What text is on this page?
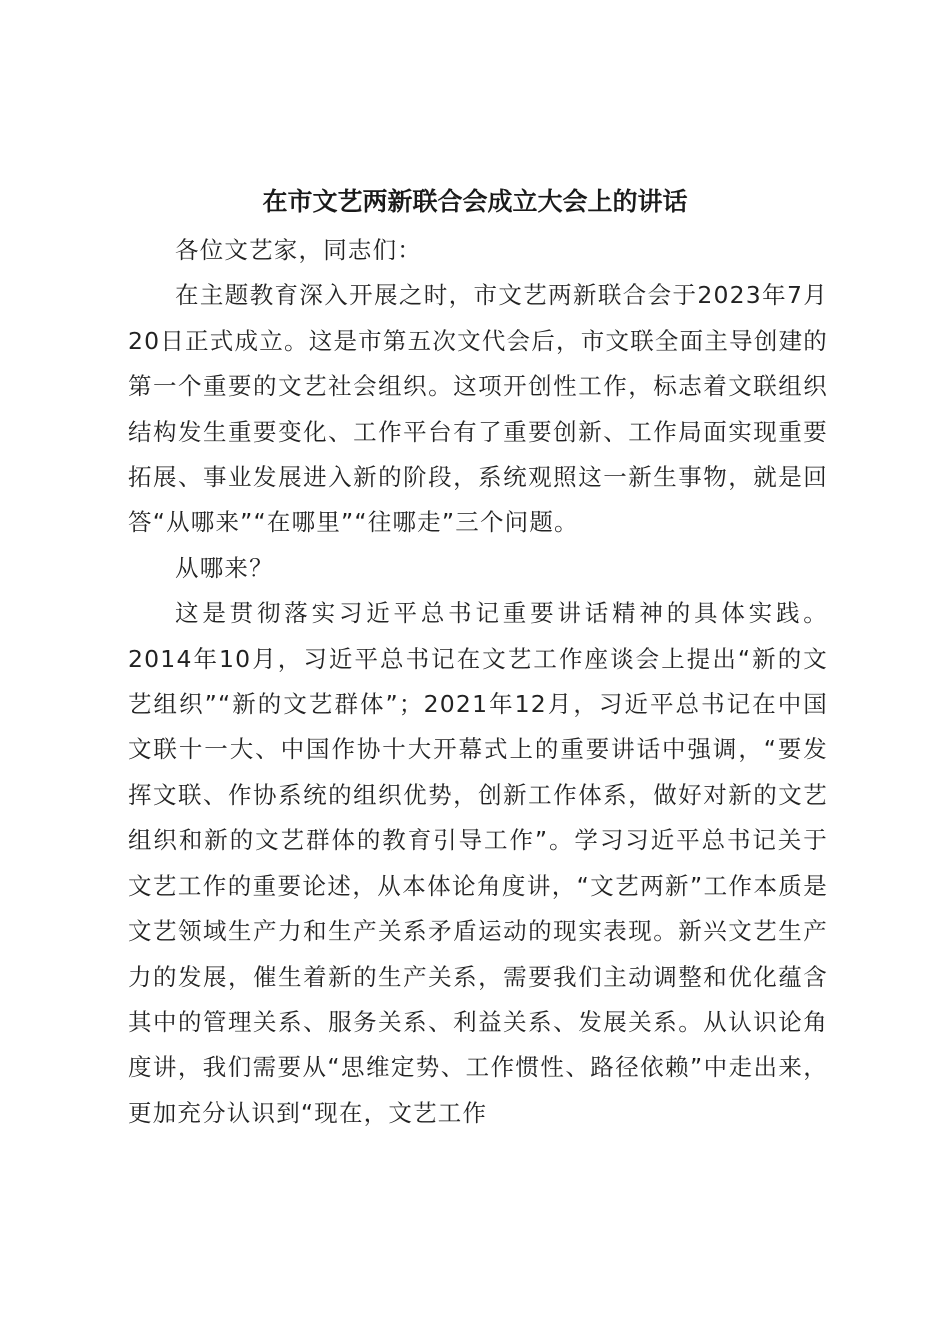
在市文艺两新联合会成立大会上的讲话

各位文艺家，同志们：

在主题教育深入开展之时，市文艺两新联合会于2023年7月20日正式成立。这是市第五次文代会后，市文联全面主导创建的第一个重要的文艺社会组织。这项开创性工作，标志着文联组织结构发生重要变化、工作平台有了重要创新、工作局面实现重要拓展、事业发展进入新的阶段，系统观照这一新生事物，就是回答“从哪来”“在哪里”“往哪走”三个问题。

从哪来？

这是贯彻落实习近平总书记重要讲话精神的具体实践。2014年10月，习近平总书记在文艺工作座谈会上提出“新的文艺组织”“新的文艺群体”；2021年12月，习近平总书记在中国文联十一大、中国作协十大开幕式上的重要讲话中强调，“要发挥文联、作协系统的组织优势，创新工作体系，做好对新的文艺组织和新的文艺群体的教育引导工作”。学习习近平总书记关于文艺工作的重要论述，从本体论角度讲，“文艺两新”工作本质是文艺领域生产力和生产关系矛盾运动的现实表现。新兴文艺生产力的发展，催生着新的生产关系，需要我们主动调整和优化蕴含其中的管理关系、服务关系、利益关系、发展关系。从认识论角度讲，我们需要从“思维定势、工作惯性、路径依赖”中走出来，更加充分认识到“现在，文艺工作
